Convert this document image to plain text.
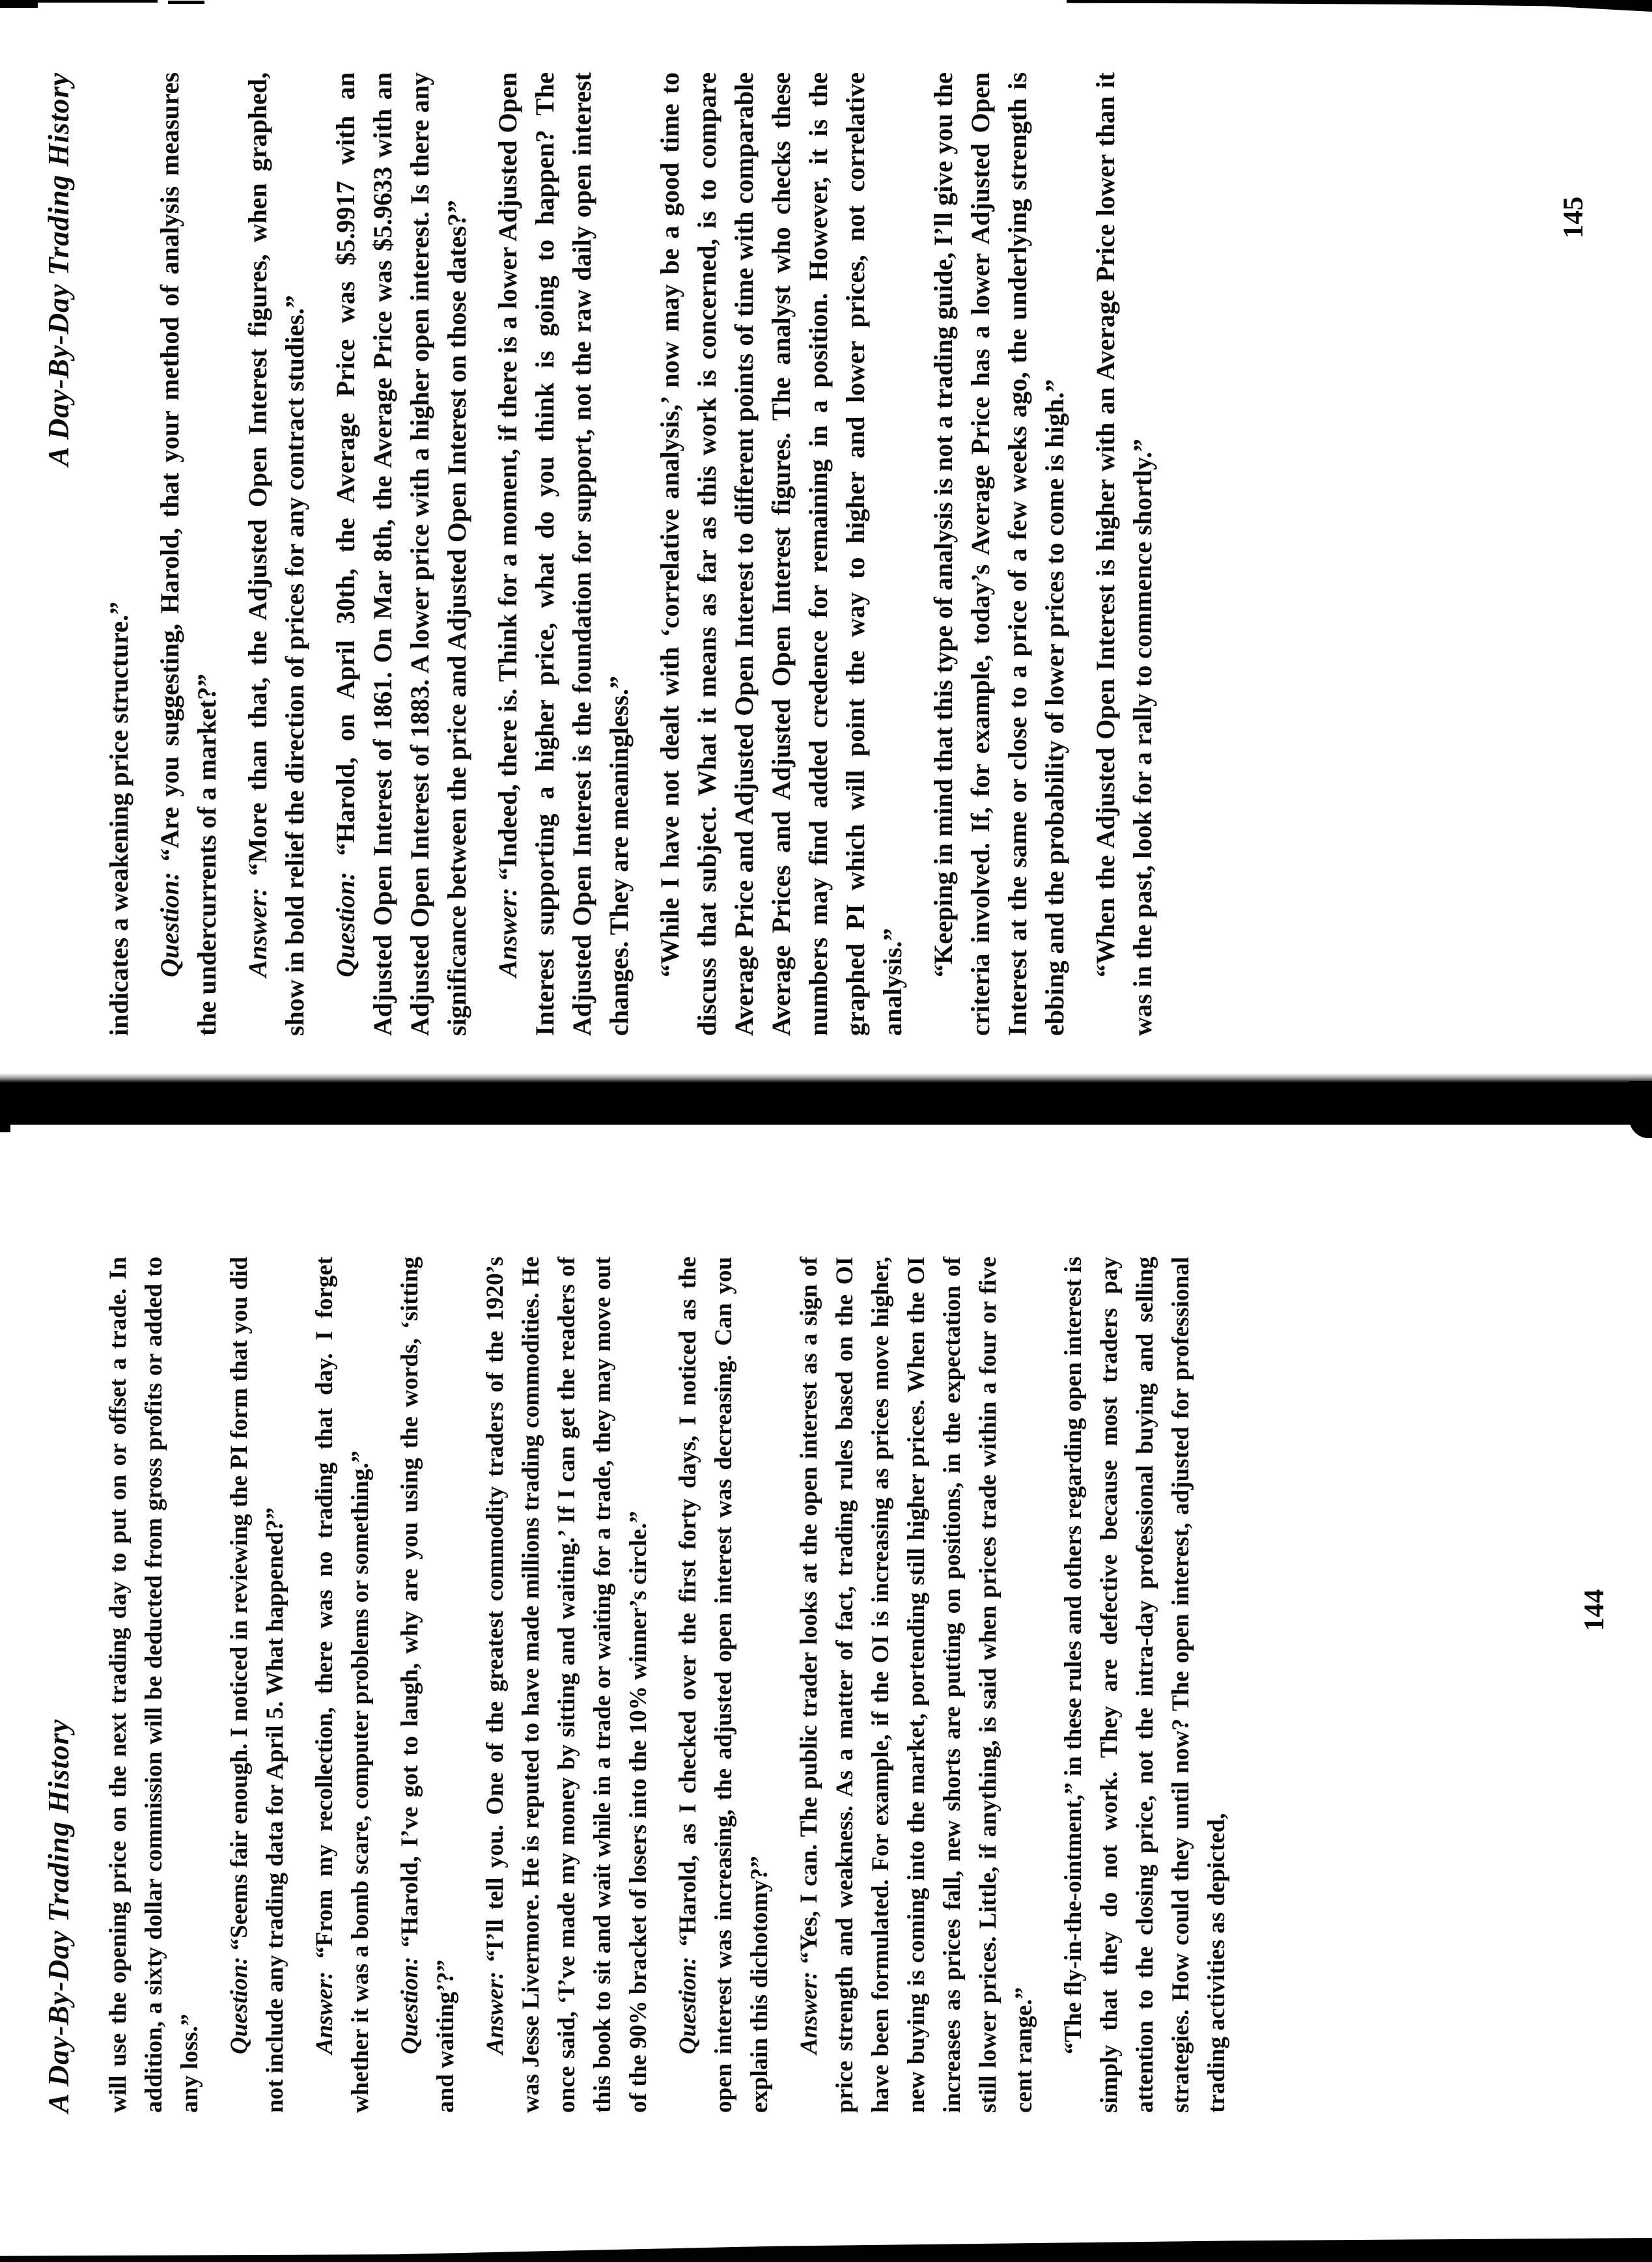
A Day-By-Day Trading History

indicates a weakening price structure.” Question: “Are you suggesting, Harold, that your method of analysis measures the undercurrents of a market?” Answer: “More than that, the Adjusted Open Interest figures, when graphed, show in bold relief the direction of prices for any contract studies.” Question: “Harold, on April 30th, the Average Price was $5.9917 with an Adjusted Open Interest of 1861. On Mar 8th, the Average Price was $5.9633 with an Adjusted Open Interest of 1883. A lower price with a higher open interest. Is there any significance between the price and Adjusted Open Interest on those dates?” Answer: “Indeed, there is. Think for a moment, if there is a lower Adjusted Open Interest supporting a higher price, what do you think is going to happen? The Adjusted Open Interest is the foundation for support, not the raw daily open interest changes. They are meaningless.” “While I have not dealt with ‘correlative analysis,’ now may be a good time to discuss that subject. What it means as far as this work is concerned, is to compare Average Price and Adjusted Open Interest to different points of time with comparable Average Prices and Adjusted Open Interest figures. The analyst who checks these numbers may find added credence for remaining in a position. However, it is the graphed PI which will point the way to higher and lower prices, not correlative analysis.”

“Keeping in mind that this type of analysis is not a trading guide, I’ll give you the criteria involved. If, for example, today’s Average Price has a lower Adjusted Open Interest at the same or close to a price of a few weeks ago, the underlying strength is ebbing and the probability of lower prices to come is high.” “When the Adjusted Open Interest is higher with an Average Price lower than it was in the past, look for a rally to commence shortly.”

145
A Day-By-Day Trading History will use the opening price on the next trading day to put on or offset a trade. In addition, a sixty dollar commission will be deducted from gross profits or added to any loss.”

Question: “Seems fair enough. I noticed in reviewing the PI form that you did not include any trading data for April 5. What happened?” Answer: “From my recollection, there was no trading that day. I forget whether it was a bomb scare, computer problems or something.” Question: “Harold, I’ve got to laugh, why are you using the words, ‘sitting and waiting’?” Answer: “I’ll tell you. One of the greatest commodity traders of the 1920’s was Jesse Livermore. He is reputed to have made millions trading commodities. He once said, ‘I’ve made my money by sitting and waiting.’ If I can get the readers of this book to sit and wait while in a trade or waiting for a trade, they may move out of the 90% bracket of losers into the 10% winner’s circle.” Question: “Harold, as I checked over the first forty days, I noticed as the open interest was increasing, the adjusted open interest was decreasing. Can you explain this dichotomy?” Answer: “Yes, I can. The public trader looks at the open interest as a sign of price strength and weakness. As a matter of fact, trading rules based on the OI have been formulated. For example, if the OI is increasing as prices move higher, new buying is coming into the market, portending still higher prices. When the OI increases as prices fall, new shorts are putting on positions, in the expectation of still lower prices. Little, if anything, is said when prices trade within a four or five cent range.” “The fly-in-the-ointment,” in these rules and others regarding open interest is simply that they do not work. They are defective because most traders pay attention to the closing price, not the intra-day professional buying and selling strategies. How could they until now? The open interest, adjusted for professional trading activities as depicted,

144
